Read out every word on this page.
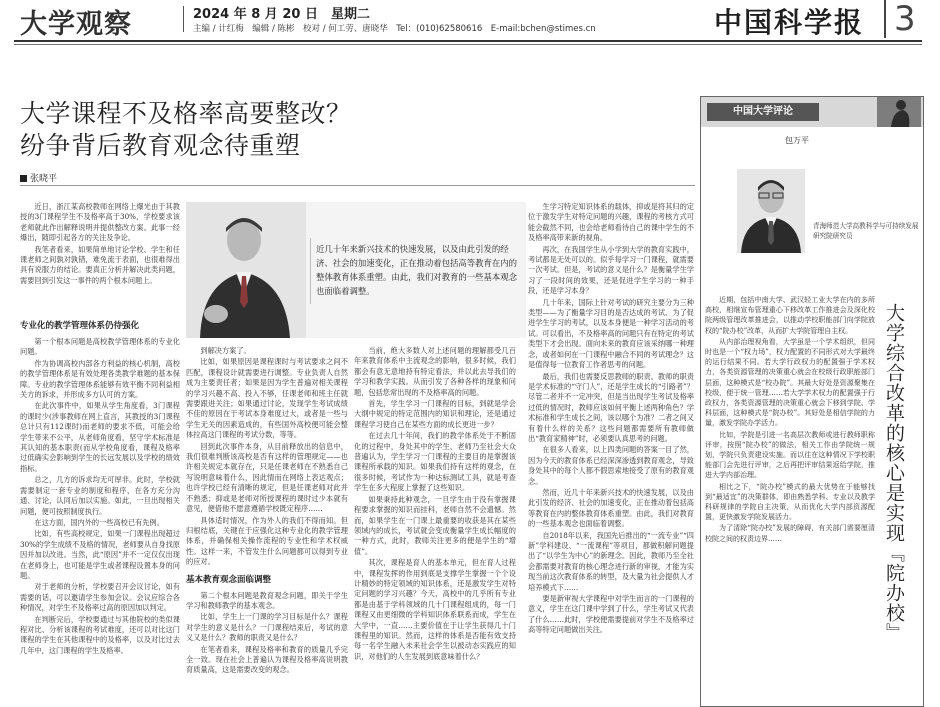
大学观察	2024 年 8 月 20 日　星期二
主编 / 计红梅　编辑 / 陈彬　校对 / 何工劳、唐晓华　Tel：(010)62580616　E-mail:bchen@stimes.cn	中国科学报 3
大学课程不及格率高要整改？
纷争背后教育观念待重塑
张晓平

近日，浙江某高校教师在网络上爆光由于其教授的3门课程学生不及格率高于30%，学校要求该老师就此作出解释说明并提供整改方案。此事一经爆出，随即引起各方的关注及争论。

我笔者看来，如果简单地讨论学校、学生和任课老师之间孰对孰错，难免流于表面，也很难得出具有说服力的结论。要真正分析并解决此类问题，需要回到引发这一事件的两个根本问题上。

专业化的教学管理体系仍待强化

第一个根本问题是高校教学管理体系的专业化问题。

作为协调高校内部各方利益的核心机制，高校的教学管理体系是有效处理各类教学难题的基本保障。专业的教学管理体系能够有效平衡不同利益相关方的诉求，并形成多方认可的方案。

在此次事件中，如果从学生角度看，3门课程的课时少(涉事教师在网上直言，其教授的3门课程总计只有112课时)而老师的要求不低，可能会给学生带来不公平，从老师角度看，坚守学术标准是其认知的基本职责(而从学校角度看，课程及格率过低确实会影响到学生的长远发展以及学校的绩效指标。

总之，几方的诉求均无可厚非。此时，学校就需要制定一套专业的制度和程序，在各方充分沟通、讨论，认同后加以实施。如此，一旦出现相关问题，便可按照制度执行。

在这方面，国内外的一些高校已有先例。

比如，有些高校规定，如果一门课程出现超过30%的学生成绩不及格的情况，老师要从自身找原因并加以改进。当然，此“原因”并不一定仅仅出现在老师身上，也可能是学生或者课程设置本身的问题。

对于老师的分析，学校要召开会议讨论，如有需要的话，可以邀请学生参加会议。会议应综合各种情况，对学生不及格率过高的原因加以判定。

在判断完后，学校要通过与其他院校的类似课程对比、分析该课程的考试难度，还可以对比这门课程的学生在其他课程中的及格率，以及对比过去几年中，这门课程的学生及格率。

近几十年来新兴技术的快速发展，以及由此引发的经济、社会的加速变化，正在推动着包括高等教育在内的整体教育体系重塑。由此，我们对教育的一些基本观念也面临着调整。

到解决方案了。

比如，如果原因是课程课时与考试要求之间不匹配，课程设计就需要进行调整。专业负责人自然成为主要责任者；如果是因为学生普遍对相关课程的学习兴趣不高、投入不够，任课老师和班主任就需要跟进关注；如果通过讨论，发现学生考试成绩不佳的原因在于考试本身难度过大，或者是一些与学生无关的因素造成的，有些国外高校便可能会整体拉高这门课程的考试分数，等等。

回到此次事件本身，从目前释放出的信息中，我们很难判断该高校是否有这样的管理规定——也许相关规定本就存在，只是任课老师在不熟悉自己写说明意味着什么，因此情而在网络上表达观点；也许学校已经有清晰的规定，但是任课老师对此并不熟悉；抑或是老师对所授课程的课时过少本就有意见，便借他不愿意遵循学校既定程序……

具体适时情况，作为外人的我们不得而知。但归根结底，关键在于应强化这种专业化的教学管理体系，并确保相关操作流程的专业性和学术权威性。这样一来，不管发生什么问题都可以得到专业的应对。

基本教育观念面临调整

第二个根本问题是教育观念问题，即关于学生学习和教师教学的基本观念。

比如，学生上一门课的学习目标是什么？课程对学生的意义是什么？一门课程结束后，考试的意义又是什么？教师的职责又是什么？

在笔者看来，课程及格率和教育的质量几乎完全一致。现在社会上普遍认为课程及格率高说明教育质量高，这是需要改变的观念。

当前，绝大多数人对上述问题的理解都受几百年来教育体系中主流观念的影响，很多时候，我们都会有意无意地持有特定看法，并以此去导我们的学习和教学实践。从而引发了各种各样的现象和问题，包括您常出现的不及格率高的问题。

首先，学生学习一门课程的目标，到就是学会大纲中规定的特定范围内的知识和理论，还是通过课程学习使自己在某些方面的成长更进一步？

在过去几十年间，我们的教学体系处于不断固化的过程中，身处其中的学生、老师乃至社会大众普遍认为，学生学习一门课程的主要目的是掌握该课程所承载的知识。如果我们持有这样的观念，在很多时候，考试作为一种达标测试工具，就是考查学生在多大程度上掌握了这些知识。

如果秉持此种观念，一旦学生由于没有掌握课程要求掌握的知识而挂科，老师自然不会遗憾。然而，如果学生在一门课上最重要的收获是其在某些领域内的成长，考试就会变成衡量学生成长幅度的一种方式，此时，教师关注更多的便是学生的“增值”。

其次，课程是育人的基本单元，但在育人过程中，课程发挥的作用到底是支撑学生掌握一个个设计精妙的特定领域的知识体系，还是激发学生对特定问题的学习兴趣？今天，高校中的几乎所有专业都是由基于学科领域的几十门课程组成的，每一门课程又由更细微的学科知识体系联系而成，学生在大学中，一直……主要价值在于让学生获得几十门课程里的知识。然而，这样的体系是否能有效支持每一名学生融入未来社会学生以被动态实践应的知识，对他们的人生发展到底意味着什么？

生学习特定知识体系的载体，抑或是将其归的定位于激发学生对特定问题的兴趣，课程的考核方式可能会截然不同，也会给老师看待自己的课中学生的不及格率高带来新的视角。

再次，在我国学生从小学到大学的教育实践中，考试都是无处可以的。似乎每学习一门课程，就需要一次考试。但是，考试的意义是什么？是衡量学生学习了一段时间的效果，还是促进学生学习的一种手段，还是学习本身？

几十年来，国际上针对考试的研究主要分为三种类型——为了衡量学习目的是否达成的考试、为了促进学生学习的考试，以及本身便是一种学习活动的考试。可以看出，不及格率高的问题只有在特定的考试类型下才会出现。面向未来的教育应该采纳哪一种理念，或者如何在一门课程中融合不同的考试理念？这是值得每一位教育工作者思考的问题。

最后，我们也需要反思教师的职责。教师的职责是学术标准的“守门人”，还是学生成长的“引路者”？尽管二者并不一定冲突，但是当出现学生考试及格率过低的情况时，教师应该如何平衡上述两种角色？学术标准和学生成长之间，该以哪个为准？二者之间又有着什么样的关系？这些问题都需要所有教师做出“教育家精神”时，必须要认真思考的问题。

在很多人看来，以上四类问题的答案一目了然，因为今天的教育体系已经深深渗透到教育观念，导致身处其中的每个人都不假思索地接受了原有的教育观念。

然而，近几十年来新兴技术的快速发展，以及由此引发的经济、社会的加速变化，正在推动着包括高等教育在内的整体教育体系重塑。由此，我们对教育的一些基本观念也面临着调整。

自2018年以来，我国先后推出的“一流专业”“四新”学科建设、“一流课程”等项目，都做积解问题提出了“以学生为中心”的新理念。因此，教师乃至全社会都需要对教育的核心理念进行新的审视，才能为实现当前这次教育体系的转型，及大量为社会提供人才培养模式下……

要是新审视大学课程中对学生而言的一门课程的意义，学生在这门课中学到了什么，学生考试又代表了什么……此时，学校便需要提前对学生不及格率过高等特定问题做出关注。

中国大学评论
包万平
青海师范大学高教科学与可持续发展研究院研究员
大学综合改革的核心是实现『院办校』

近期，包括中南大学、武汉轻工业大学在内的多所高校，相继宣布管理重心下移改革工作推进会及深化校院两级管理改革推进会，以推动学校职能部门向学院放权的“院办校”改革，从而扩大学院管理自主权。

从内部治理视角看，大学虽是一个学术组织，但同时也是一个“权力场”，权力配置的不同形式对大学最终的运行结果不同。若大学行政权力的配置强于学术权力，各类资源管理的决策重心就会在校级行政职能部门层面，这种模式是“校办院”。其最大好处是资源聚集在校级，便于统一管理……若大学学术权力的配置强于行政权力，各类资源管理的决策重心就会下移到学院、学科层面，这种模式是“院办校”。其好处是相信学院的力量，激发学院办学活力。

比如，学院是引进一名高层次教师或进行教师职称评审，按照“院办校”的做法，相关工作由学院统一规划，学院只负责建设实施。而以往在这种情况下学校职能部门会先进行评审，之后再把评审结果返给学院，推进大学内部治理。

相比之下，“院办校”模式的最大优势在于能够找到“最适宜”的决策群体，即由熟悉学科、专业以及教学科研规律的学院自主决策，从而优化大学内部资源配置，更快激发学院发展活力。

为了清除“院办校”发展的障碍，有关部门需要厘清校院之间的权责边界……
